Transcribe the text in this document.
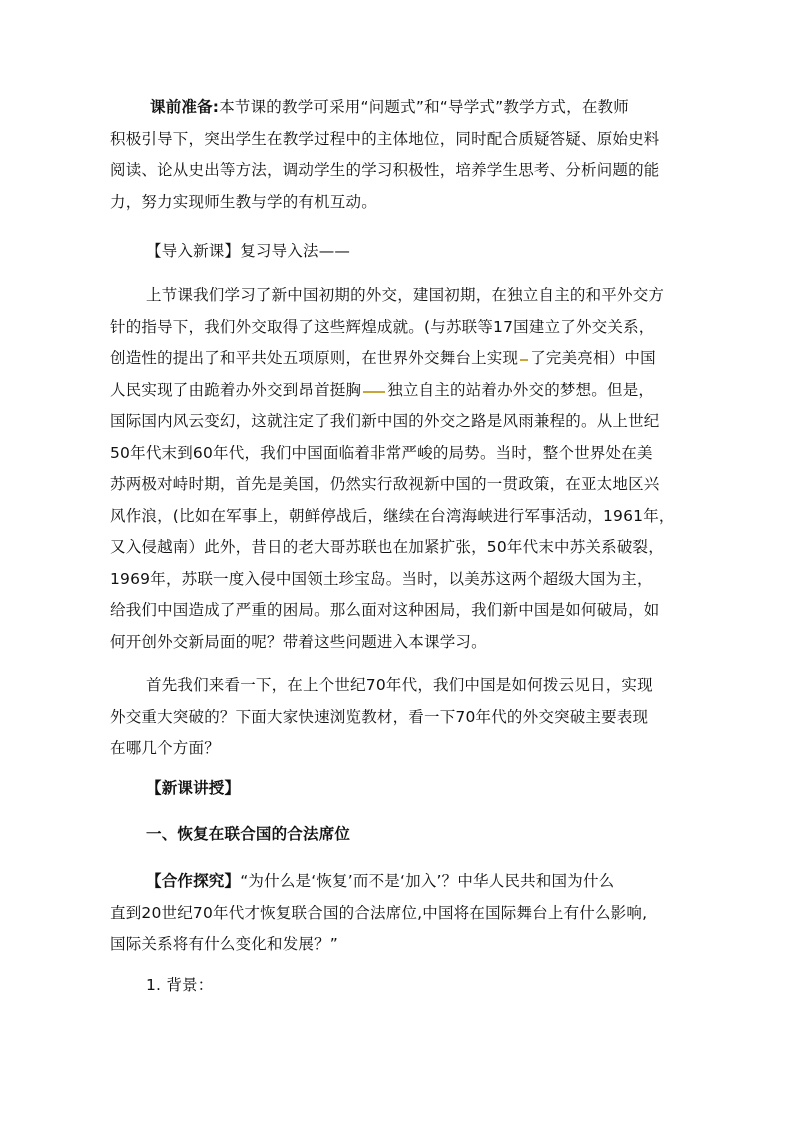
课前准备:本节课的教学可采用“问题式”和“导学式”教学方式，在教师
积极引导下，突出学生在教学过程中的主体地位，同时配合质疑答疑、原始史料
阅读、论从史出等方法，调动学生的学习积极性，培养学生思考、分析问题的能
力，努力实现师生教与学的有机互动。
【导入新课】复习导入法——
上节课我们学习了新中国初期的外交，建国初期，在独立自主的和平外交方
针的指导下，我们外交取得了这些辉煌成就。(与苏联等17国建立了外交关系，
创造性的提出了和平共处五项原则，在世界外交舞台上实现 了完美亮相）中国
人民实现了由跪着办外交到昂首挺胸 独立自主的站着办外交的梦想。但是，
国际国内风云变幻，这就注定了我们新中国的外交之路是风雨兼程的。从上世纪
50年代末到60年代，我们中国面临着非常严峻的局势。当时，整个世界处在美
苏两极对峙时期，首先是美国，仍然实行敌视新中国的一贯政策，在亚太地区兴
风作浪，(比如在军事上，朝鲜停战后，继续在台湾海峡进行军事活动，1961年，
又入侵越南）此外，昔日的老大哥苏联也在加紧扩张，50年代末中苏关系破裂，
1969年，苏联一度入侵中国领土珍宝岛。当时，以美苏这两个超级大国为主，
给我们中国造成了严重的困局。那么面对这种困局，我们新中国是如何破局，如
何开创外交新局面的呢？带着这些问题进入本课学习。
首先我们来看一下，在上个世纪70年代，我们中国是如何拨云见日，实现
外交重大突破的？下面大家快速浏览教材，看一下70年代的外交突破主要表现
在哪几个方面？
【新课讲授】
一、恢复在联合国的合法席位
【合作探究】“为什么是‘恢复’而不是‘加入’？中华人民共和国为什么
直到20世纪70年代才恢复联合国的合法席位,中国将在国际舞台上有什么影响,
国际关系将有什么变化和发展？”
1. 背景：
